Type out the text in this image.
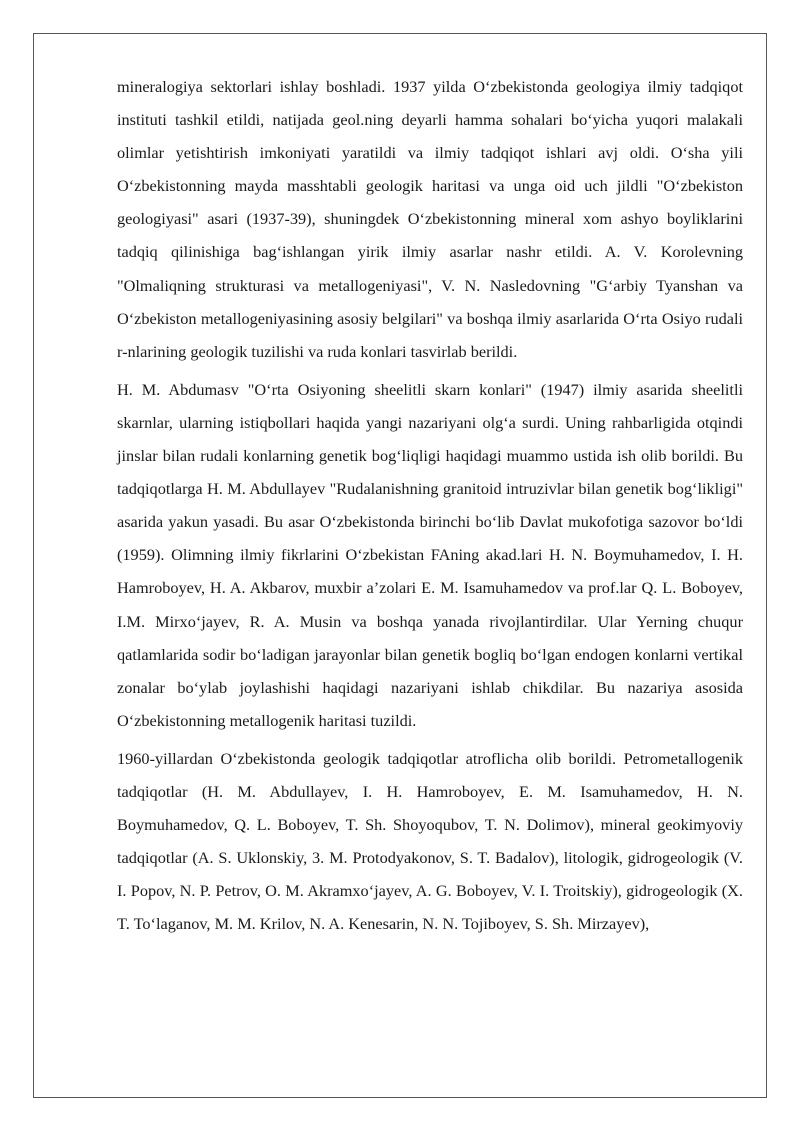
mineralogiya sektorlari ishlay boshladi. 1937 yilda O‘zbekistonda geologiya ilmiy tadqiqot instituti tashkil etildi, natijada geol.ning deyarli hamma sohalari bo‘yicha yuqori malakali olimlar yetishtirish imkoniyati yaratildi va ilmiy tadqiqot ishlari avj oldi. O‘sha yili O‘zbekistonning mayda masshtabli geologik haritasi va unga oid uch jildli "O‘zbekiston geologiyasi" asari (1937-39), shuningdek O‘zbekistonning mineral xom ashyo boyliklarini tadqiq qilinishiga bag‘ishlangan yirik ilmiy asarlar nashr etildi. A. V. Korolevning "Olmaliqning strukturasi va metallogeniyasi", V. N. Nasledovning "G‘arbiy Tyanshan va O‘zbekiston metallogeniyasining asosiy belgilari" va boshqa ilmiy asarlarida O‘rta Osiyo rudali r-nlarining geologik tuzilishi va ruda konlari tasvirlab berildi.

H. M. Abdumasv "O‘rta Osiyoning sheelitli skarn konlari" (1947) ilmiy asarida sheelitli skarnlar, ularning istiqbollari haqida yangi nazariyani olg‘a surdi. Uning rahbarligida otqindi jinslar bilan rudali konlarning genetik bog‘liqligi haqidagi muammo ustida ish olib borildi. Bu tadqiqotlarga H. M. Abdullayev "Rudalanishning granitoid intruzivlar bilan genetik bog‘likligi" asarida yakun yasadi. Bu asar O‘zbekistonda birinchi bo‘lib Davlat mukofotiga sazovor bo‘ldi (1959). Olimning ilmiy fikrlarini O‘zbekistan FAning akad.lari H. N. Boymuhamedov, I. H. Hamroboyev, H. A. Akbarov, muxbir a’zolari E. M. Isamuhamedov va prof.lar Q. L. Boboyev, I.M. Mirxo‘jayev, R. A. Musin va boshqa yanada rivojlantirdilar. Ular Yerning chuqur qatlamlarida sodir bo‘ladigan jarayonlar bilan genetik bogliq bo‘lgan endogen konlarni vertikal zonalar bo‘ylab joylashishi haqidagi nazariyani ishlab chikdilar. Bu nazariya asosida O‘zbekistonning metallogenik haritasi tuzildi.

1960-yillardan O‘zbekistonda geologik tadqiqotlar atroflicha olib borildi. Petrometallogenik tadqiqotlar (H. M. Abdullayev, I. H. Hamroboyev, E. M. Isamuhamedov, H. N. Boymuhamedov, Q. L. Boboyev, T. Sh. Shoyoqubov, T. N. Dolimov), mineral geokimyoviy tadqiqotlar (A. S. Uklonskiy, 3. M. Protodyakonov, S. T. Badalov), litologik, gidrogeologik (V. I. Popov, N. P. Petrov, O. M. Akramxo‘jayev, A. G. Boboyev, V. I. Troitskiy), gidrogeologik (X. T. To‘laganov, M. M. Krilov, N. A. Kenesarin, N. N. Tojiboyev, S. Sh. Mirzayev),
